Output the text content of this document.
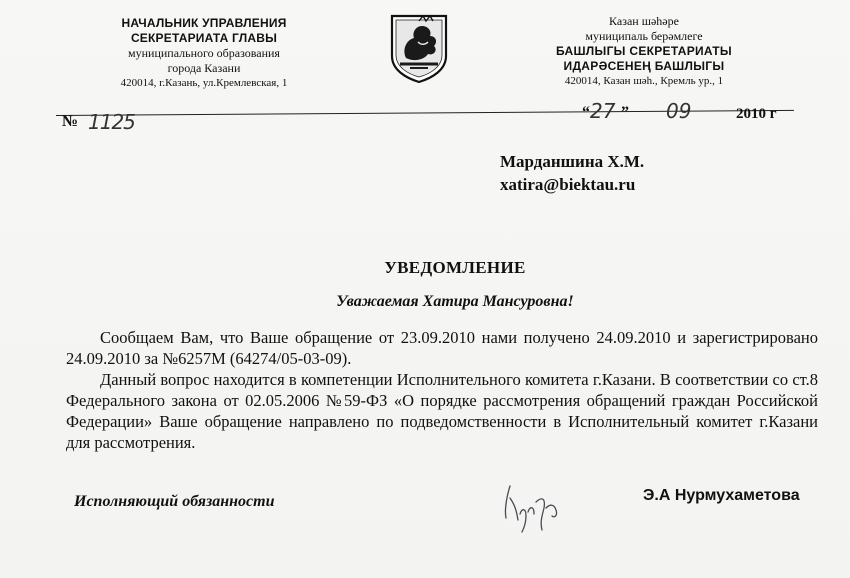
НАЧАЛЬНИК УПРАВЛЕНИЯ
СЕКРЕТАРИАТА ГЛАВЫ
муниципального образования
города Казани
420014, г.Казань, ул.Кремлевская, 1
Казан шәһәре
муниципаль берәмлеге
БАШЛЫГЫ СЕКРЕТАРИАТЫ
ИДАРӘСЕНЕҢ БАШЛЫГЫ
420014, Казан шәһ., Кремль ур., 1
№ 1125	“ 27 ” 09	2010 г
Марданшина Х.М.
xatira@biektau.ru
УВЕДОМЛЕНИЕ
Уважаемая Хатира Мансуровна!

Сообщаем Вам, что Ваше обращение от 23.09.2010 нами получено 24.09.2010 и зарегистрировано 24.09.2010 за №6257М (64274/05-03-09).

Данный вопрос находится в компетенции Исполнительного комитета г.Казани. В соответствии со ст.8 Федерального закона от 02.05.2006 №59-ФЗ «О порядке рассмотрения обращений граждан Российской Федерации» Ваше обращение направлено по подведомственности в Исполнительный комитет г.Казани для рассмотрения.

Исполняющий обязанности	Э.А Нурмухаметова
